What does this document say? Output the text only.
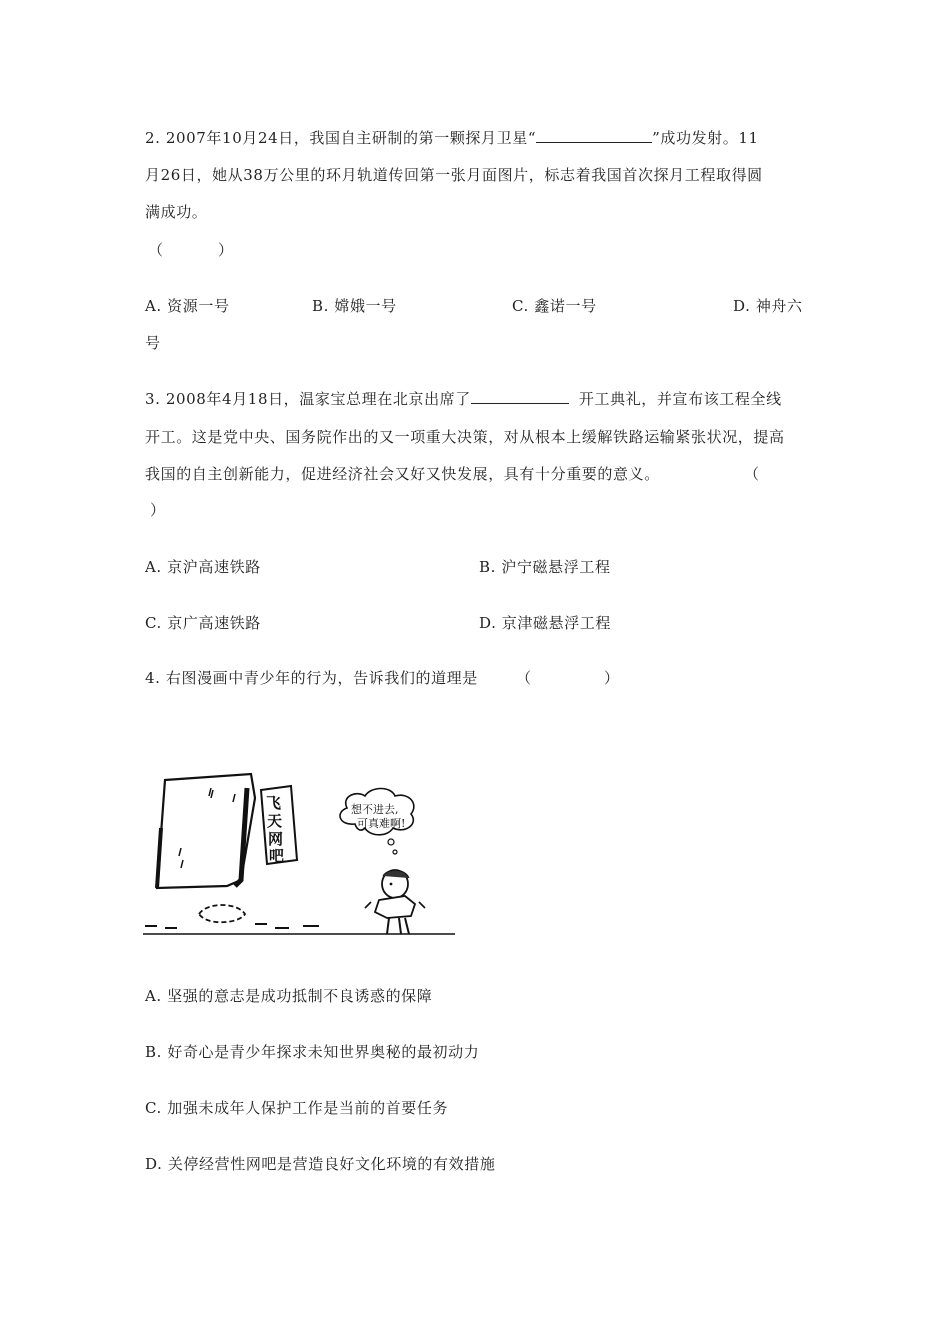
2. 2007年10月24日，我国自主研制的第一颗探月卫星“	”成功发射。11
月26日，她从38万公里的环月轨道传回第一张月面图片，标志着我国首次探月工程取得圆
满成功。
（	）
A. 资源一号	B. 嫦娥一号	C. 鑫诺一号	D. 神舟六
号
3. 2008年4月18日，温家宝总理在北京出席了	开工典礼，并宣布该工程全线
开工。这是党中央、国务院作出的又一项重大决策，对从根本上缓解铁路运输紧张状况，提高
我国的自主创新能力，促进经济社会又好又快发展，具有十分重要的意义。	（
）
A. 京沪高速铁路	B. 沪宁磁悬浮工程
C. 京广高速铁路	D. 京津磁悬浮工程
4. 右图漫画中青少年的行为，告诉我们的道理是	（	）
飞
天
网
吧
想不进去,
可真难啊!
A. 坚强的意志是成功抵制不良诱惑的保障
B. 好奇心是青少年探求未知世界奥秘的最初动力
C. 加强未成年人保护工作是当前的首要任务
D. 关停经营性网吧是营造良好文化环境的有效措施
